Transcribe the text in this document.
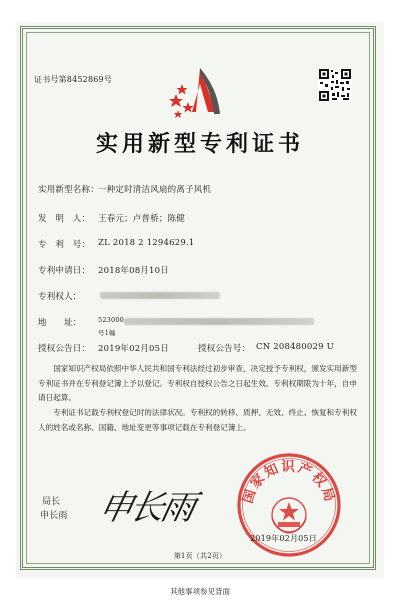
证书号第8452869号
实用新型专利证书
实用新型名称： 一种定时清洁风扇的离子风机
发　明　人： 王春元；卢普桥；陈健
专　利　号： ZL 2018 2 1294629.1
专利申请日： 2018年08月10日
专利权人：
地　　址：	523000
号1幢
授权公告日： 2019年02月05日	授权公告号： CN 208480029 U
国家知识产权局依照中华人民共和国专利法经过初步审查，决定授予专利权，颁发实用新型专利证书并在专利登记簿上予以登记。专利权自授权公告之日起生效。专利权期限为十年，自申请日起算。
专利证书记载专利权登记时的法律状况。专利权的转移、质押、无效、终止、恢复和专利权人的姓名或名称、国籍、地址变更等事项记载在专利登记簿上。
局长
申长雨 申长雨	国家知识产权局
2019年02月05日
第1页（共2页）
其他事项参见背面
